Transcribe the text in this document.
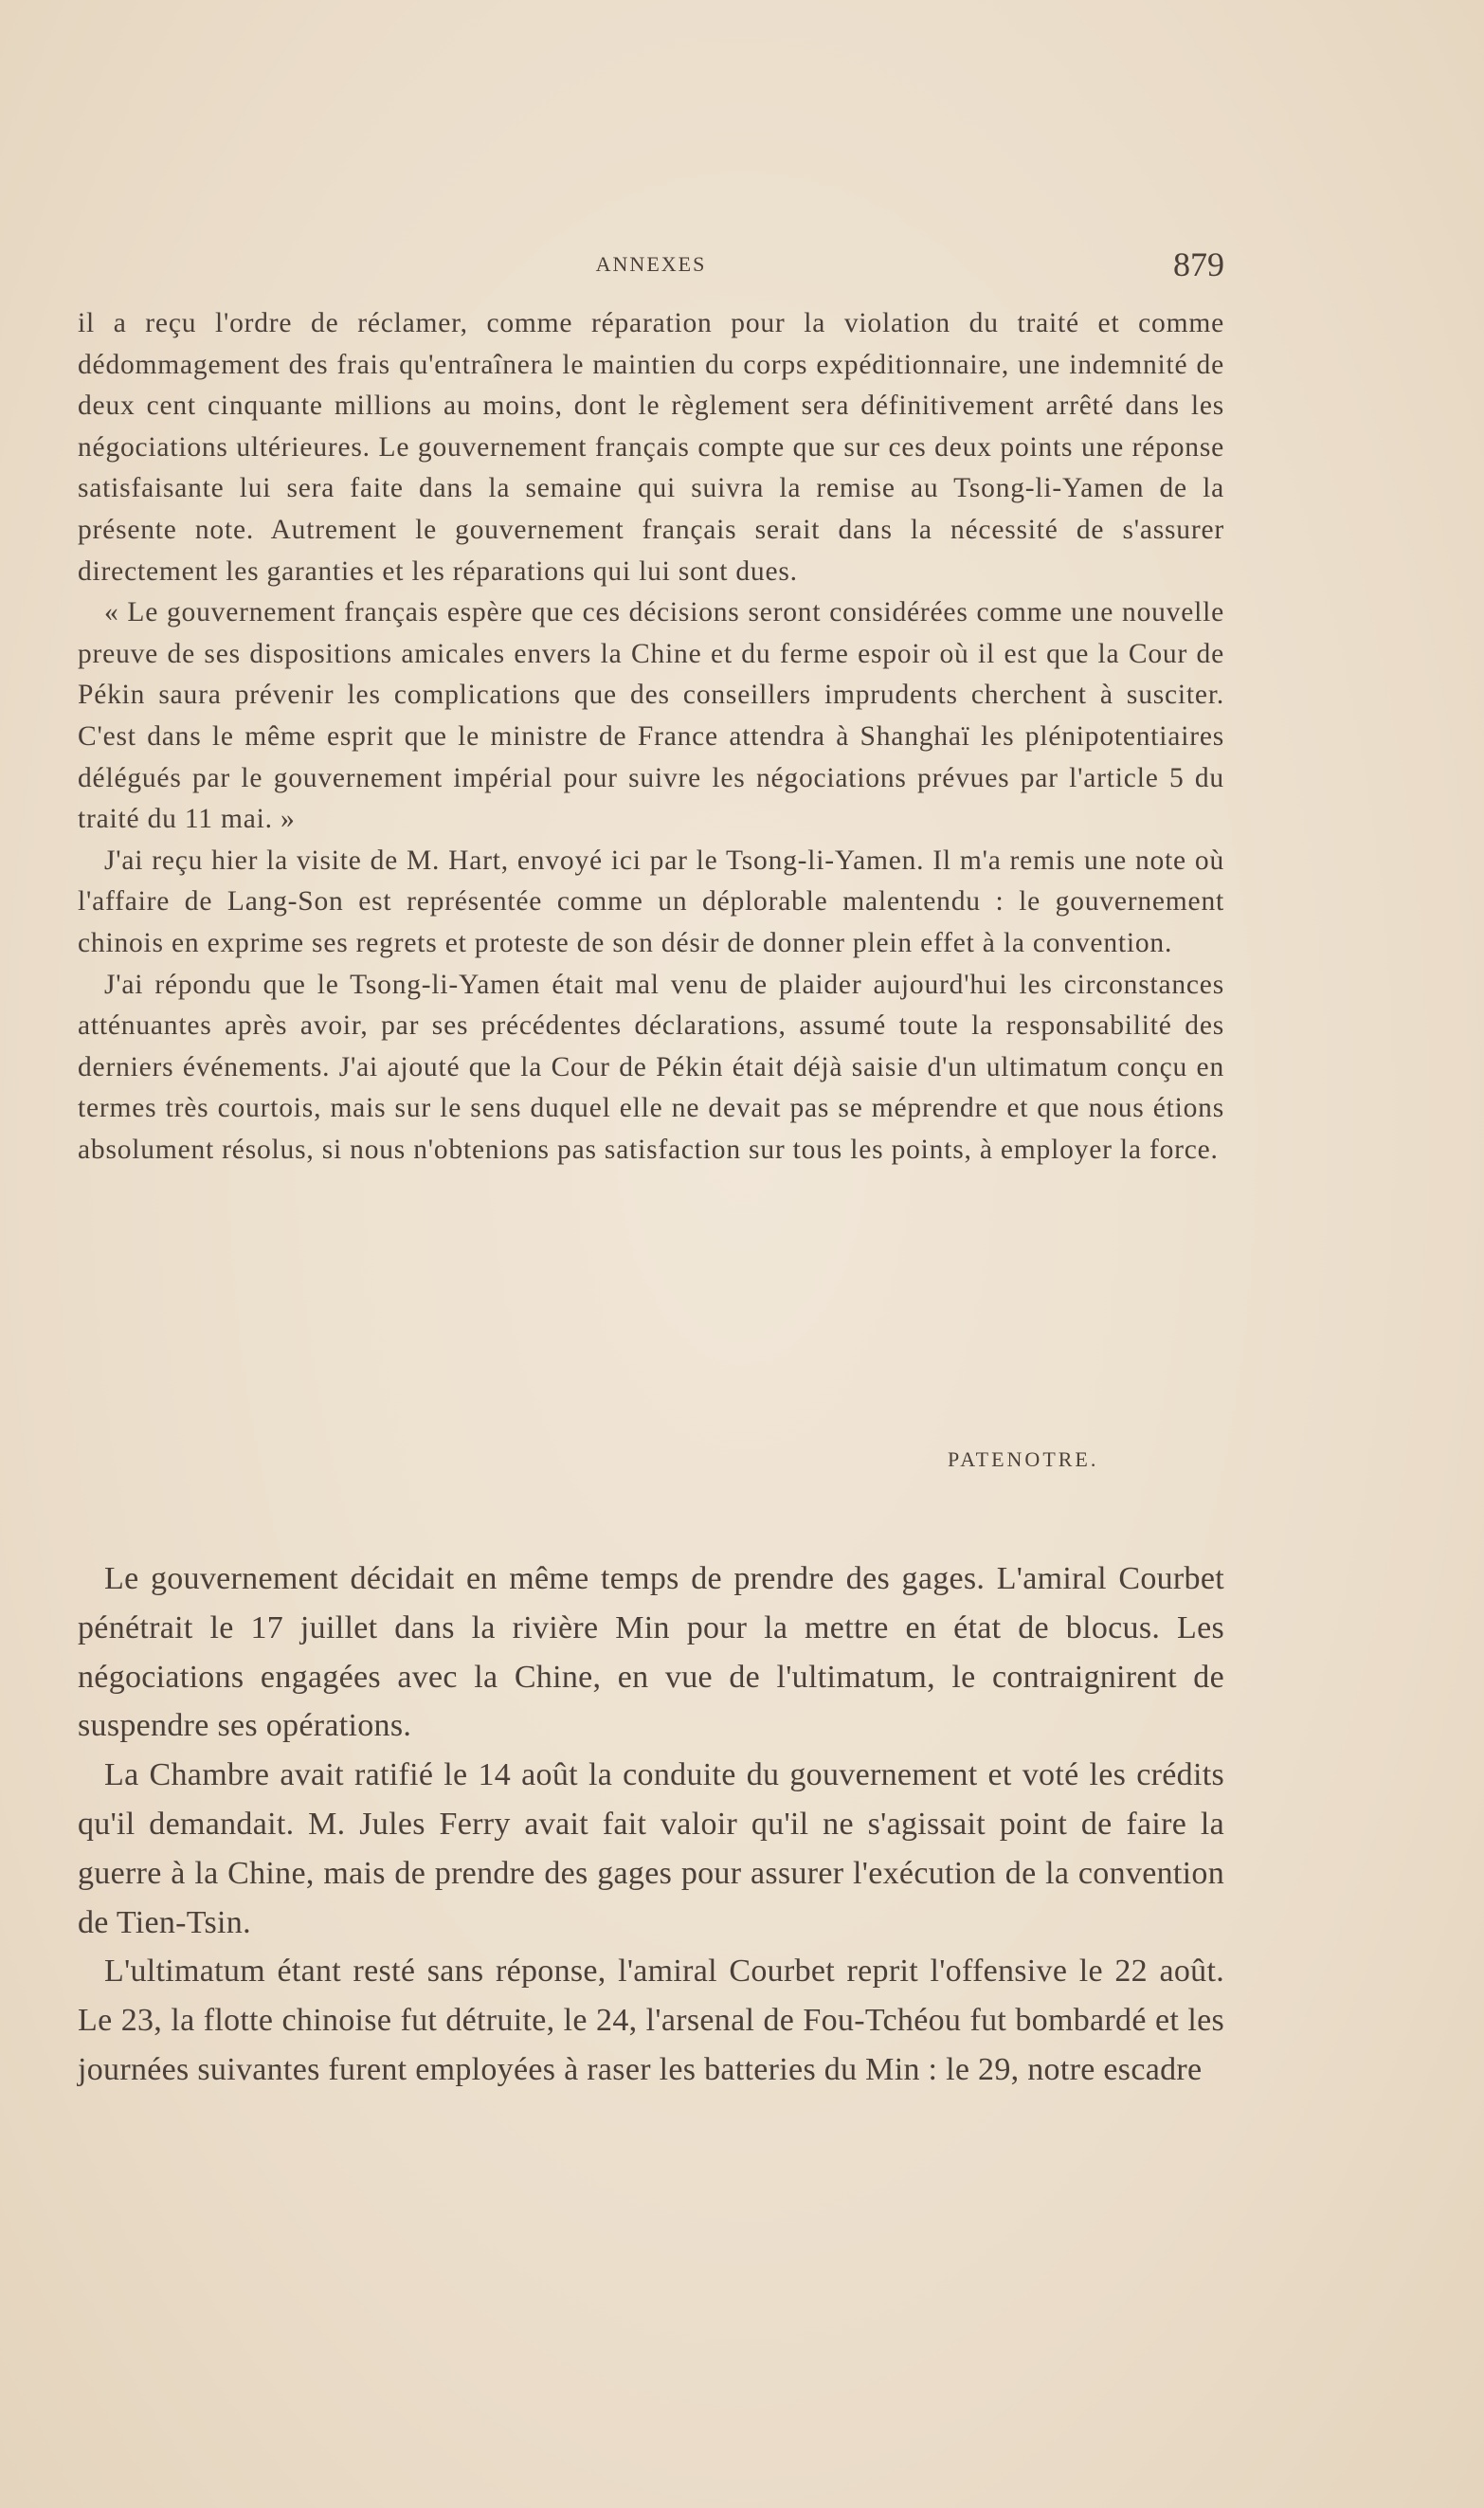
ANNEXES	879

il a reçu l'ordre de réclamer, comme réparation pour la violation du traité et comme dédommagement des frais qu'entraînera le maintien du corps expéditionnaire, une indemnité de deux cent cinquante millions au moins, dont le règlement sera définitivement arrêté dans les négociations ultérieures. Le gouvernement français compte que sur ces deux points une réponse satisfaisante lui sera faite dans la semaine qui suivra la remise au Tsong-li-Yamen de la présente note. Autrement le gouvernement français serait dans la nécessité de s'assurer directement les garanties et les réparations qui lui sont dues.

« Le gouvernement français espère que ces décisions seront considérées comme une nouvelle preuve de ses dispositions amicales envers la Chine et du ferme espoir où il est que la Cour de Pékin saura prévenir les complications que des conseillers imprudents cherchent à susciter. C'est dans le même esprit que le ministre de France attendra à Shanghaï les plénipotentiaires délégués par le gouvernement impérial pour suivre les négociations prévues par l'article 5 du traité du 11 mai. »

J'ai reçu hier la visite de M. Hart, envoyé ici par le Tsong-li-Yamen. Il m'a remis une note où l'affaire de Lang-Son est représentée comme un déplorable malentendu : le gouvernement chinois en exprime ses regrets et proteste de son désir de donner plein effet à la convention.

J'ai répondu que le Tsong-li-Yamen était mal venu de plaider aujourd'hui les circonstances atténuantes après avoir, par ses précédentes déclarations, assumé toute la responsabilité des derniers événements. J'ai ajouté que la Cour de Pékin était déjà saisie d'un ultimatum conçu en termes très courtois, mais sur le sens duquel elle ne devait pas se méprendre et que nous étions absolument résolus, si nous n'obtenions pas satisfaction sur tous les points, à employer la force.

PATENOTRE.

Le gouvernement décidait en même temps de prendre des gages. L'amiral Courbet pénétrait le 17 juillet dans la rivière Min pour la mettre en état de blocus. Les négociations engagées avec la Chine, en vue de l'ultimatum, le contraignirent de suspendre ses opérations.

La Chambre avait ratifié le 14 août la conduite du gouvernement et voté les crédits qu'il demandait. M. Jules Ferry avait fait valoir qu'il ne s'agissait point de faire la guerre à la Chine, mais de prendre des gages pour assurer l'exécution de la convention de Tien-Tsin.

L'ultimatum étant resté sans réponse, l'amiral Courbet reprit l'offensive le 22 août. Le 23, la flotte chinoise fut détruite, le 24, l'arsenal de Fou-Tchéou fut bombardé et les journées suivantes furent employées à raser les batteries du Min : le 29, notre escadre
